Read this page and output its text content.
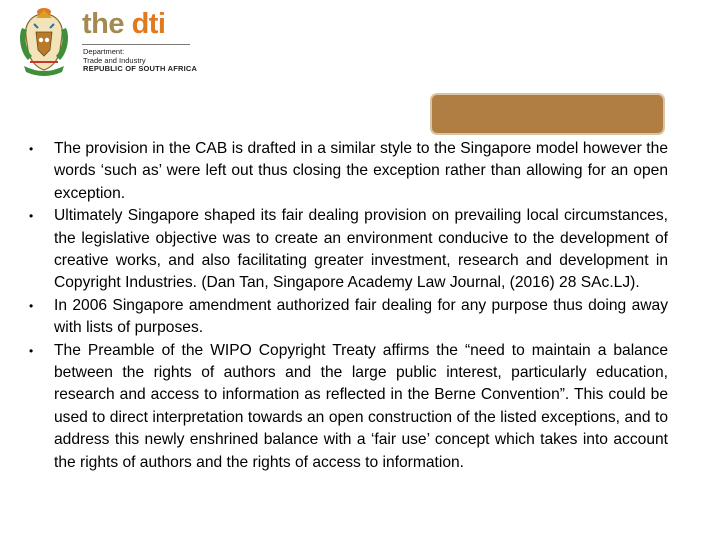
the dti
Department:
Trade and Industry
REPUBLIC OF SOUTH AFRICA
• The provision in the CAB is drafted in a similar style to the Singapore model however the words ‘such as’ were left out thus closing the exception rather than allowing for an open exception.
• Ultimately Singapore shaped its fair dealing provision on prevailing local circumstances, the legislative objective was to create an environment conducive to the development of creative works, and also facilitating greater investment, research and development in Copyright Industries. (Dan Tan, Singapore Academy Law Journal, (2016) 28 SAc.LJ).
• In 2006 Singapore amendment authorized fair dealing for any purpose thus doing away with lists of purposes.
• The Preamble of the WIPO Copyright Treaty affirms the “need to maintain a balance between the rights of authors and the large public interest, particularly education, research and access to information as reflected in the Berne Convention”. This could be used to direct interpretation towards an open construction of the listed exceptions, and to address this newly enshrined balance with a ‘fair use’ concept which takes into account the rights of authors and the rights of access to information.
